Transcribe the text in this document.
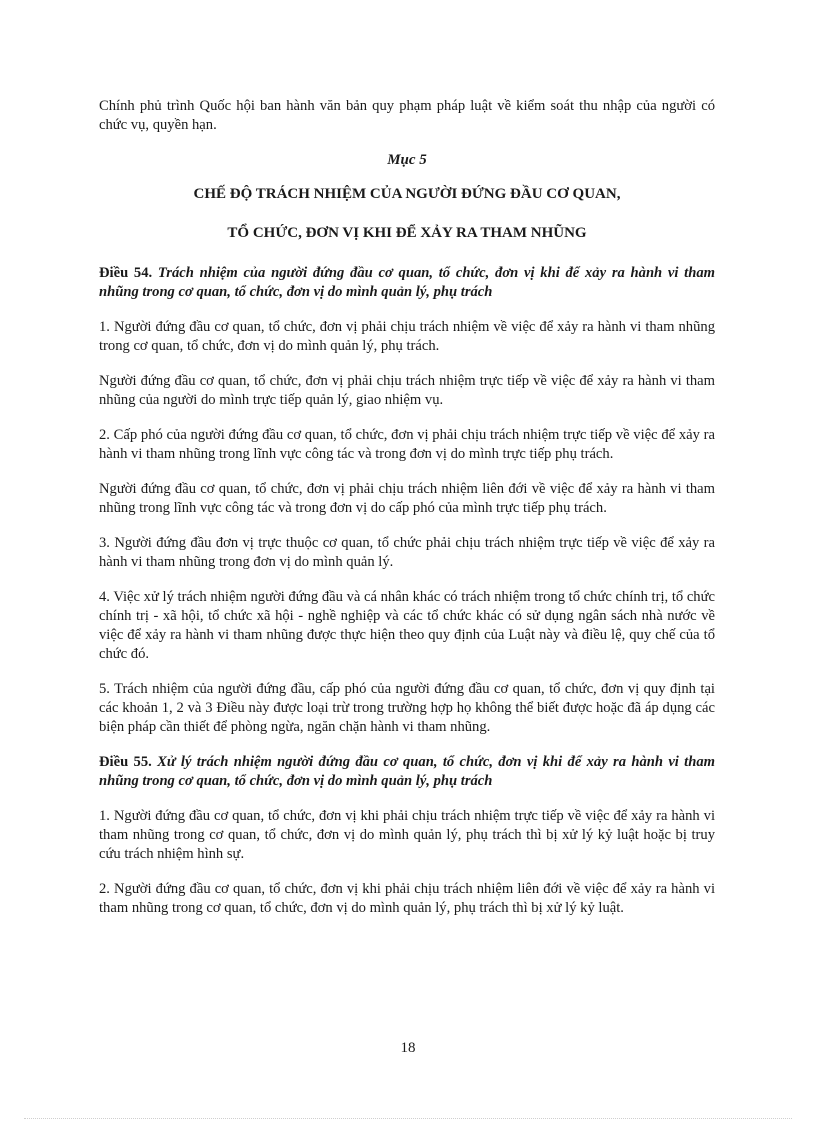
Chính phủ trình Quốc hội ban hành văn bản quy phạm pháp luật về kiểm soát thu nhập của người có chức vụ, quyền hạn.

Mục 5
CHẾ ĐỘ TRÁCH NHIỆM CỦA NGƯỜI ĐỨNG ĐẦU CƠ QUAN,
TỔ CHỨC, ĐƠN VỊ KHI ĐỂ XẢY RA THAM NHŨNG
Điều 54. Trách nhiệm của người đứng đầu cơ quan, tổ chức, đơn vị khi để xảy ra hành vi tham nhũng trong cơ quan, tổ chức, đơn vị do mình quản lý, phụ trách

1. Người đứng đầu cơ quan, tổ chức, đơn vị phải chịu trách nhiệm về việc để xảy ra hành vi tham nhũng trong cơ quan, tổ chức, đơn vị do mình quản lý, phụ trách.

Người đứng đầu cơ quan, tổ chức, đơn vị phải chịu trách nhiệm trực tiếp về việc để xảy ra hành vi tham nhũng của người do mình trực tiếp quản lý, giao nhiệm vụ.

2. Cấp phó của người đứng đầu cơ quan, tổ chức, đơn vị phải chịu trách nhiệm trực tiếp về việc để xảy ra hành vi tham nhũng trong lĩnh vực công tác và trong đơn vị do mình trực tiếp phụ trách.

Người đứng đầu cơ quan, tổ chức, đơn vị phải chịu trách nhiệm liên đới về việc để xảy ra hành vi tham nhũng trong lĩnh vực công tác và trong đơn vị do cấp phó của mình trực tiếp phụ trách.

3. Người đứng đầu đơn vị trực thuộc cơ quan, tổ chức phải chịu trách nhiệm trực tiếp về việc để xảy ra hành vi tham nhũng trong đơn vị do mình quản lý.

4. Việc xử lý trách nhiệm người đứng đầu và cá nhân khác có trách nhiệm trong tổ chức chính trị, tổ chức chính trị - xã hội, tổ chức xã hội - nghề nghiệp và các tổ chức khác có sử dụng ngân sách nhà nước về việc để xảy ra hành vi tham nhũng được thực hiện theo quy định của Luật này và điều lệ, quy chế của tổ chức đó.

5. Trách nhiệm của người đứng đầu, cấp phó của người đứng đầu cơ quan, tổ chức, đơn vị quy định tại các khoản 1, 2 và 3 Điều này được loại trừ trong trường hợp họ không thể biết được hoặc đã áp dụng các biện pháp cần thiết để phòng ngừa, ngăn chặn hành vi tham nhũng.

Điều 55. Xử lý trách nhiệm người đứng đầu cơ quan, tổ chức, đơn vị khi để xảy ra hành vi tham nhũng trong cơ quan, tổ chức, đơn vị do mình quản lý, phụ trách

1. Người đứng đầu cơ quan, tổ chức, đơn vị khi phải chịu trách nhiệm trực tiếp về việc để xảy ra hành vi tham nhũng trong cơ quan, tổ chức, đơn vị do mình quản lý, phụ trách thì bị xử lý kỷ luật hoặc bị truy cứu trách nhiệm hình sự.

2. Người đứng đầu cơ quan, tổ chức, đơn vị khi phải chịu trách nhiệm liên đới về việc để xảy ra hành vi tham nhũng trong cơ quan, tổ chức, đơn vị do mình quản lý, phụ trách thì bị xử lý kỷ luật.

18
